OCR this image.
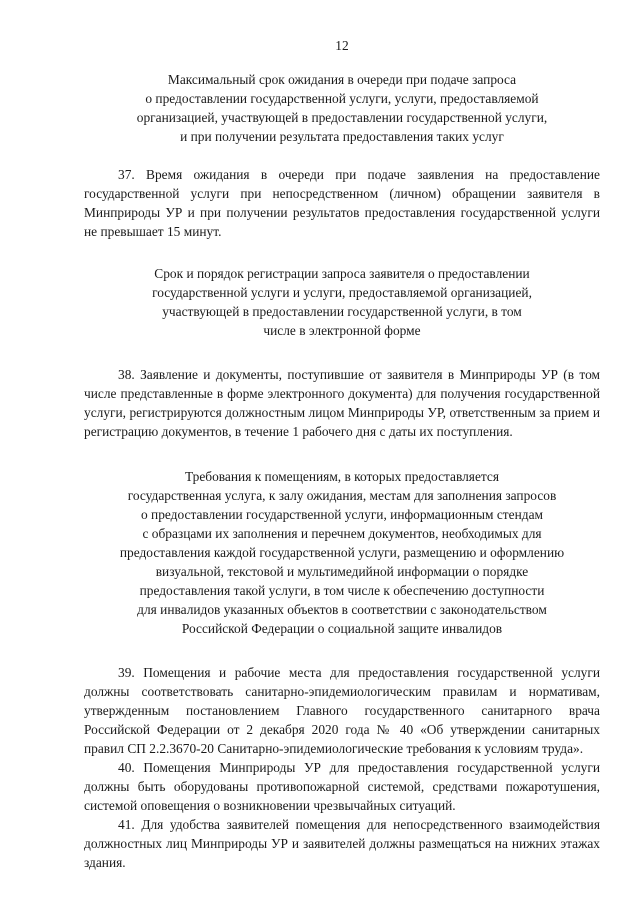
12
Максимальный срок ожидания в очереди при подаче запроса
о предоставлении государственной услуги, услуги, предоставляемой
организацией, участвующей в предоставлении государственной услуги,
и при получении результата предоставления таких услуг

37. Время ожидания в очереди при подаче заявления на предоставление государственной услуги при непосредственном (личном) обращении заявителя в Минприроды УР и при получении результатов предоставления государственной услуги не превышает 15 минут.

Срок и порядок регистрации запроса заявителя о предоставлении
государственной услуги и услуги, предоставляемой организацией,
участвующей в предоставлении государственной услуги, в том
числе в электронной форме

38. Заявление и документы, поступившие от заявителя в Минприроды УР (в том числе представленные в форме электронного документа) для получения государственной услуги, регистрируются должностным лицом Минприроды УР, ответственным за прием и регистрацию документов, в течение 1 рабочего дня с даты их поступления.

Требования к помещениям, в которых предоставляется
государственная услуга, к залу ожидания, местам для заполнения запросов
о предоставлении государственной услуги, информационным стендам
с образцами их заполнения и перечнем документов, необходимых для
предоставления каждой государственной услуги, размещению и оформлению
визуальной, текстовой и мультимедийной информации о порядке
предоставления такой услуги, в том числе к обеспечению доступности
для инвалидов указанных объектов в соответствии с законодательством
Российской Федерации о социальной защите инвалидов

39. Помещения и рабочие места для предоставления государственной услуги должны соответствовать санитарно-эпидемиологическим правилам и нормативам, утвержденным постановлением Главного государственного санитарного врача Российской Федерации от 2 декабря 2020 года № 40 «Об утверждении санитарных правил СП 2.2.3670-20 Санитарно-эпидемиологические требования к условиям труда».

40. Помещения Минприроды УР для предоставления государственной услуги должны быть оборудованы противопожарной системой, средствами пожаротушения, системой оповещения о возникновении чрезвычайных ситуаций.

41. Для удобства заявителей помещения для непосредственного взаимодействия должностных лиц Минприроды УР и заявителей должны размещаться на нижних этажах здания.
